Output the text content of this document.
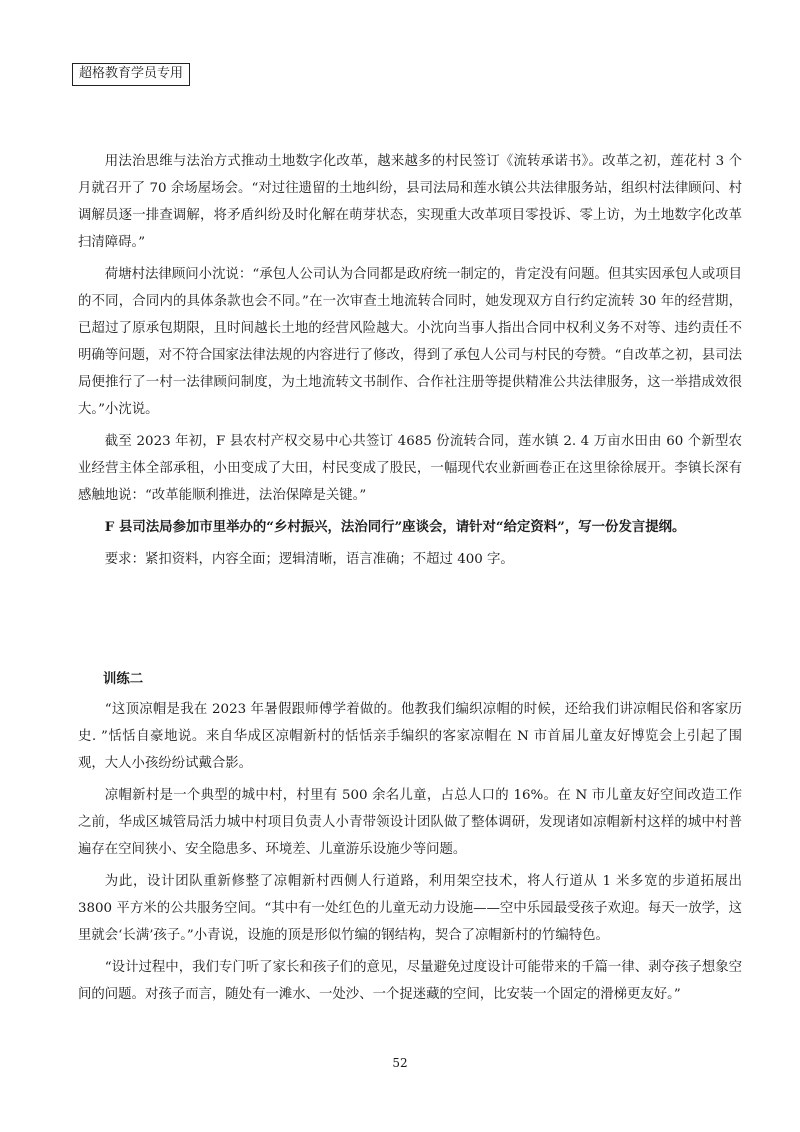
超格教育学员专用

用法治思维与法治方式推动土地数字化改革，越来越多的村民签订《流转承诺书》。改革之初，莲花村 3 个月就召开了 70 余场屋场会。“对过往遗留的土地纠纷，县司法局和莲水镇公共法律服务站，组织村法律顾问、村调解员逐一排查调解，将矛盾纠纷及时化解在萌芽状态，实现重大改革项目零投诉、零上访，为土地数字化改革扫清障碍。”

荷塘村法律顾问小沈说：“承包人公司认为合同都是政府统一制定的，肯定没有问题。但其实因承包人或项目的不同，合同内的具体条款也会不同。”在一次审查土地流转合同时，她发现双方自行约定流转 30 年的经营期，已超过了原承包期限，且时间越长土地的经营风险越大。小沈向当事人指出合同中权利义务不对等、违约责任不明确等问题，对不符合国家法律法规的内容进行了修改，得到了承包人公司与村民的夸赞。“自改革之初，县司法局便推行了一村一法律顾问制度，为土地流转文书制作、合作社注册等提供精准公共法律服务，这一举措成效很大。”小沈说。

截至 2023 年初，F 县农村产权交易中心共签订 4685 份流转合同，莲水镇 2. 4 万亩水田由 60 个新型农业经营主体全部承租，小田变成了大田，村民变成了股民，一幅现代农业新画卷正在这里徐徐展开。李镇长深有感触地说：“改革能顺利推进，法治保障是关键。”

F 县司法局参加市里举办的“乡村振兴，法治同行”座谈会，请针对“给定资料”，写一份发言提纲。

要求：紧扣资料，内容全面；逻辑清晰，语言准确；不超过 400 字。

训练二

“这顶凉帽是我在 2023 年暑假跟师傅学着做的。他教我们编织凉帽的时候，还给我们讲凉帽民俗和客家历史. ”恬恬自豪地说。来自华成区凉帽新村的恬恬亲手编织的客家凉帽在 N 市首届儿童友好博览会上引起了围观，大人小孩纷纷试戴合影。

凉帽新村是一个典型的城中村，村里有 500 余名儿童，占总人口的 16%。在 N 市儿童友好空间改造工作之前，华成区城管局活力城中村项目负责人小青带领设计团队做了整体调研，发现诸如凉帽新村这样的城中村普遍存在空间狭小、安全隐患多、环境差、儿童游乐设施少等问题。

为此，设计团队重新修整了凉帽新村西侧人行道路，利用架空技术，将人行道从 1 米多宽的步道拓展出 3800 平方米的公共服务空间。“其中有一处红色的儿童无动力设施——空中乐园最受孩子欢迎。每天一放学，这里就会‘长满’孩子。”小青说，设施的顶是形似竹编的钢结构，契合了凉帽新村的竹编特色。

“设计过程中，我们专门听了家长和孩子们的意见，尽量避免过度设计可能带来的千篇一律、剥夺孩子想象空间的问题。对孩子而言，随处有一滩水、一处沙、一个捉迷藏的空间，比安装一个固定的滑梯更友好。”

52
